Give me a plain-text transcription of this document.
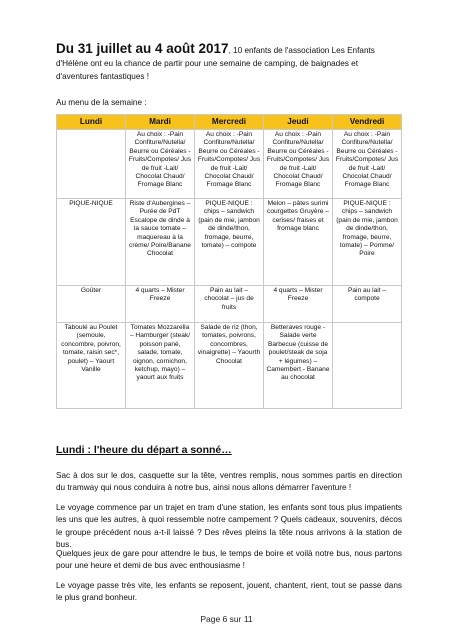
Du 31 juillet au 4 août 2017, 10 enfants de l'association Les Enfants d'Hélène ont eu la chance de partir pour une semaine de camping, de baignades et d'aventures fantastiques !
Au menu de la semaine :
Lundi	Mardi	Mercredi	Jeudi	Vendredi
	Au choix : -Pain Confiture/Nutella/ Beurre ou Céréales - Fruits/Compotes/ Jus de fruit -Lait/ Chocolat Chaud/ Fromage Blanc	Au choix : -Pain Confiture/Nutella/ Beurre ou Céréales - Fruits/Compotes/ Jus de fruit -Lait/ Chocolat Chaud/ Fromage Blanc	Au choix : -Pain Confiture/Nutella/ Beurre ou Céréales -Fruits/Compotes/ Jus de fruit -Lait/ Chocolat Chaud/ Fromage Blanc	Au choix : -Pain Confiture/Nutella/ Beurre ou Céréales - Fruits/Compotes/ Jus de fruit -Lait/ Chocolat Chaud/ Fromage Blanc
PIQUE-NIQUE	Riste d'Aubergines – Purée de PdT Escalope de dinde à la sauce tomate – maquereau à la crème/ Poire/Banane Chocolat	PIQUE-NIQUE : chips – sandwich (pain de mie, jambon de dinde/thon, fromage, beurre, tomate) – compote	Melon – pâtes surimi courgettes Gruyère – cerises/ fraises et fromage blanc	PIQUE-NIQUE : chips – sandwich (pain de mie, jambon de dinde/thon, fromage, beurre, tomate) – Pomme/ Poire
Goûter	4 quarts – Mister Freeze	Pain au lait – chocolat – jus de fruits	4 quarts – Mister Freeze	Pain au lait – compote
Taboulé au Poulet (semoule, concombre, poivron, tomate, raisin sec*, poulet) – Yaourt Vanille	Tomates Mozzarella – Hamburger (steak/ poisson pané, salade, tomate, oignon, cornichon, ketchup, mayo) – yaourt aux fruits	Salade de riz (thon, tomates, poivrons, concombres, vinaigrette) – Yaourth Chocolat	Betteraves rouge - Salade verte Barbecue (cuisse de poulet/steak de soja + légumes) – Camembert - Banane au chocolat	
Lundi : l'heure du départ a sonné…
Sac à dos sur le dos, casquette sur la tête, ventres remplis, nous sommes partis en direction du tramway qui nous conduira à notre bus, ainsi nous allons démarrer l'aventure !
Le voyage commence par un trajet en tram d'une station, les enfants sont tous plus impatients les uns que les autres, à quoi ressemble notre campement ? Quels cadeaux, souvenirs, décos le groupe précédent nous a-t-il laissé ? Des rêves pleins la tête nous arrivons à la station de bus.
Quelques jeux de gare pour attendre le bus, le temps de boire et voilà notre bus, nous partons pour une heure et demi de bus avec enthousiasme !
Le voyage passe très vite, les enfants se reposent, jouent, chantent, rient, tout se passe dans le plus grand bonheur.
Page 6 sur 11
